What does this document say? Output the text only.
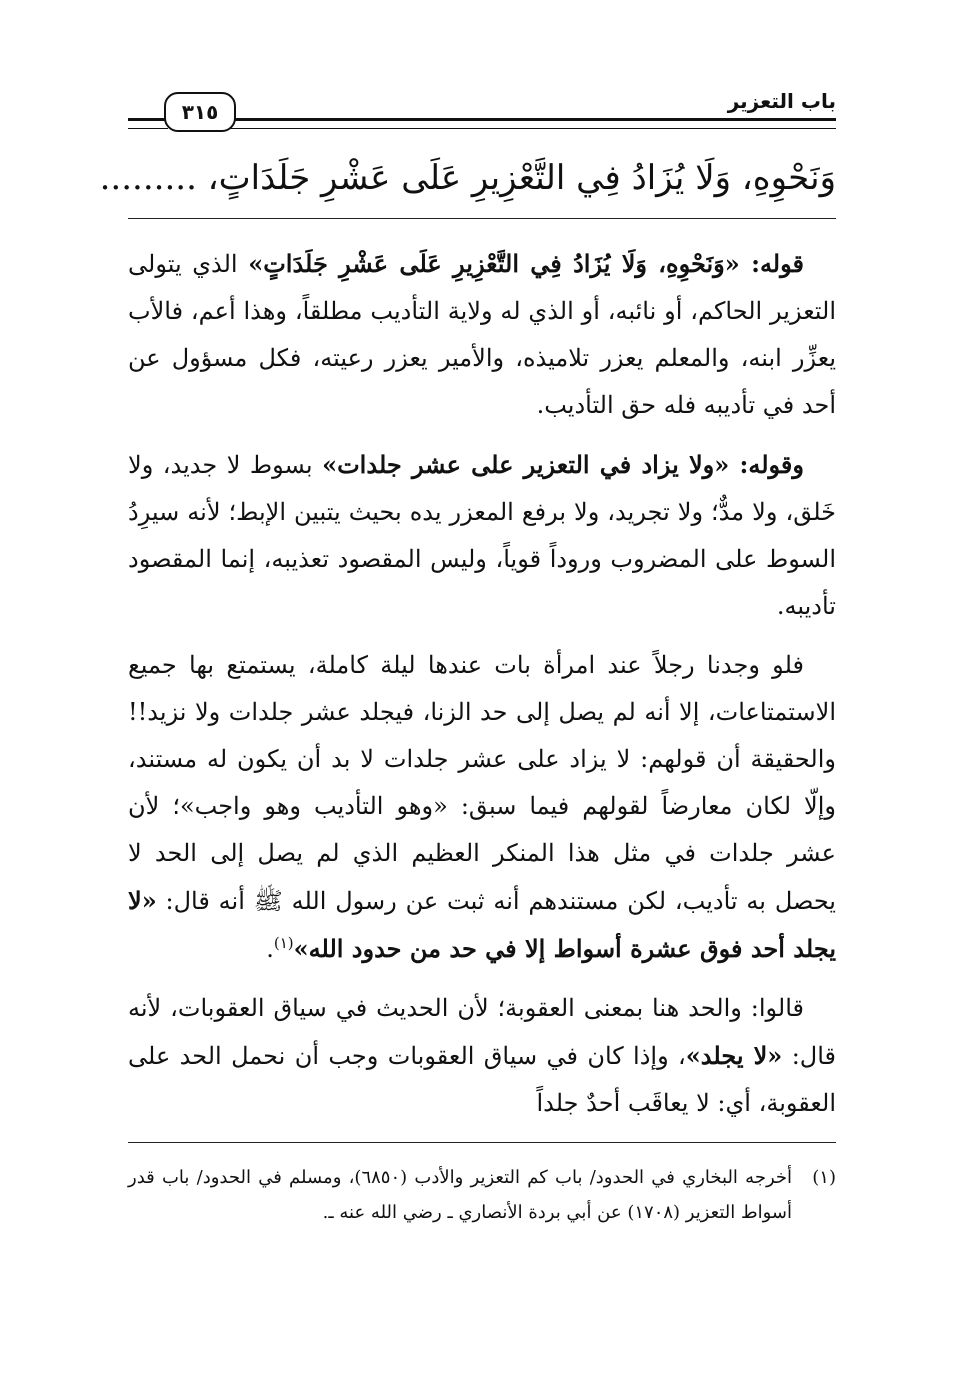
باب التعزير
٣١٥
وَنَحْوِهِ، وَلَا يُزَادُ فِي التَّعْزِيرِ عَلَى عَشْرِ جَلَدَاتٍ، .........

قوله: «وَنَحْوِهِ، وَلَا يُزَادُ فِي التَّعْزِيرِ عَلَى عَشْرِ جَلَدَاتٍ» الذي يتولى التعزير الحاكم، أو نائبه، أو الذي له ولاية التأديب مطلقاً، وهذا أعم، فالأب يعزِّر ابنه، والمعلم يعزر تلاميذه، والأمير يعزر رعيته، فكل مسؤول عن أحد في تأديبه فله حق التأديب.

وقوله: «ولا يزاد في التعزير على عشر جلدات» بسوط لا جديد، ولا خَلق، ولا مدٌّ؛ ولا تجريد، ولا برفع المعزر يده بحيث يتبين الإبط؛ لأنه سيرِدُ السوط على المضروب وروداً قوياً، وليس المقصود تعذيبه، إنما المقصود تأديبه.

فلو وجدنا رجلاً عند امرأة بات عندها ليلة كاملة، يستمتع بها جميع الاستمتاعات، إلا أنه لم يصل إلى حد الزنا، فيجلد عشر جلدات ولا نزيد!! والحقيقة أن قولهم: لا يزاد على عشر جلدات لا بد أن يكون له مستند، وإلّا لكان معارضاً لقولهم فيما سبق: «وهو التأديب وهو واجب»؛ لأن عشر جلدات في مثل هذا المنكر العظيم الذي لم يصل إلى الحد لا يحصل به تأديب، لكن مستندهم أنه ثبت عن رسول الله ﷺ أنه قال: «لا يجلد أحد فوق عشرة أسواط إلا في حد من حدود الله»$^{(١)}$.

قالوا: والحد هنا بمعنى العقوبة؛ لأن الحديث في سياق العقوبات، لأنه قال: «لا يجلد»، وإذا كان في سياق العقوبات وجب أن نحمل الحد على العقوبة، أي: لا يعاقَب أحدٌ جلداً

(١)
أخرجه البخاري في الحدود/ باب كم التعزير والأدب (٦٨٥٠)، ومسلم في الحدود/ باب قدر أسواط التعزير (١٧٠٨) عن أبي بردة الأنصاري ـ رضي الله عنه ـ.
